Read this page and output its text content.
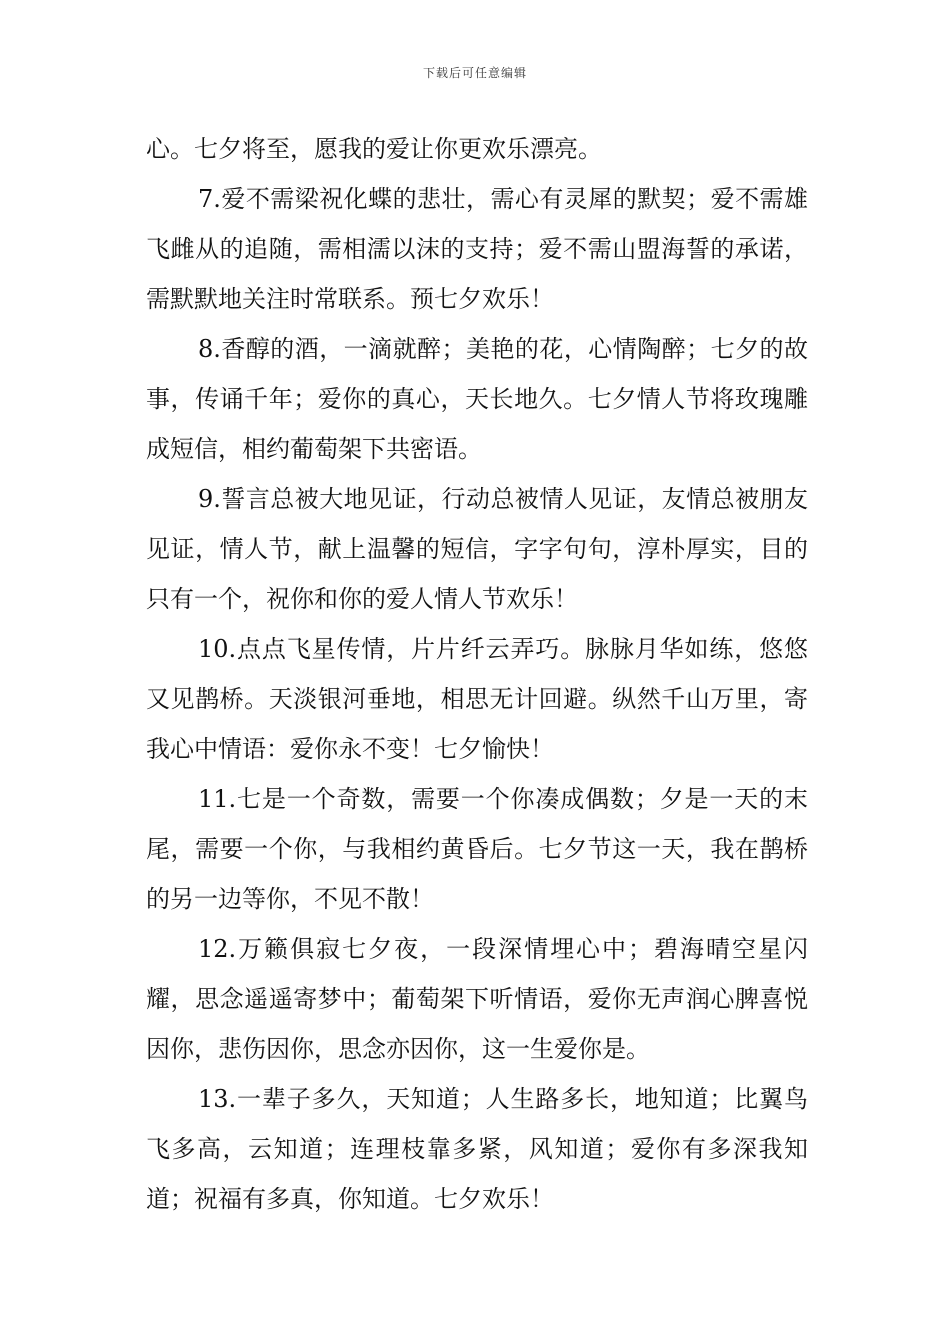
下载后可任意编辑

心。七夕将至，愿我的爱让你更欢乐漂亮。

7.爱不需梁祝化蝶的悲壮，需心有灵犀的默契；爱不需雄飞雌从的追随，需相濡以沫的支持；爱不需山盟海誓的承诺，需默默地关注时常联系。预七夕欢乐！

8.香醇的酒，一滴就醉；美艳的花，心情陶醉；七夕的故事，传诵千年；爱你的真心，天长地久。七夕情人节将玫瑰雕成短信，相约葡萄架下共密语。

9.誓言总被大地见证，行动总被情人见证，友情总被朋友见证，情人节，献上温馨的短信，字字句句，淳朴厚实，目的只有一个，祝你和你的爱人情人节欢乐！

10.点点飞星传情，片片纤云弄巧。脉脉月华如练，悠悠又见鹊桥。天淡银河垂地，相思无计回避。纵然千山万里，寄我心中情语：爱你永不变！七夕愉快！

11.七是一个奇数，需要一个你凑成偶数；夕是一天的末尾，需要一个你，与我相约黄昏后。七夕节这一天，我在鹊桥的另一边等你，不见不散！

12.万籁俱寂七夕夜，一段深情埋心中；碧海晴空星闪耀，思念遥遥寄梦中；葡萄架下听情语，爱你无声润心脾喜悦因你，悲伤因你，思念亦因你，这一生爱你是。

13.一辈子多久，天知道；人生路多长，地知道；比翼鸟飞多高，云知道；连理枝靠多紧，风知道；爱你有多深我知道；祝福有多真，你知道。七夕欢乐！
